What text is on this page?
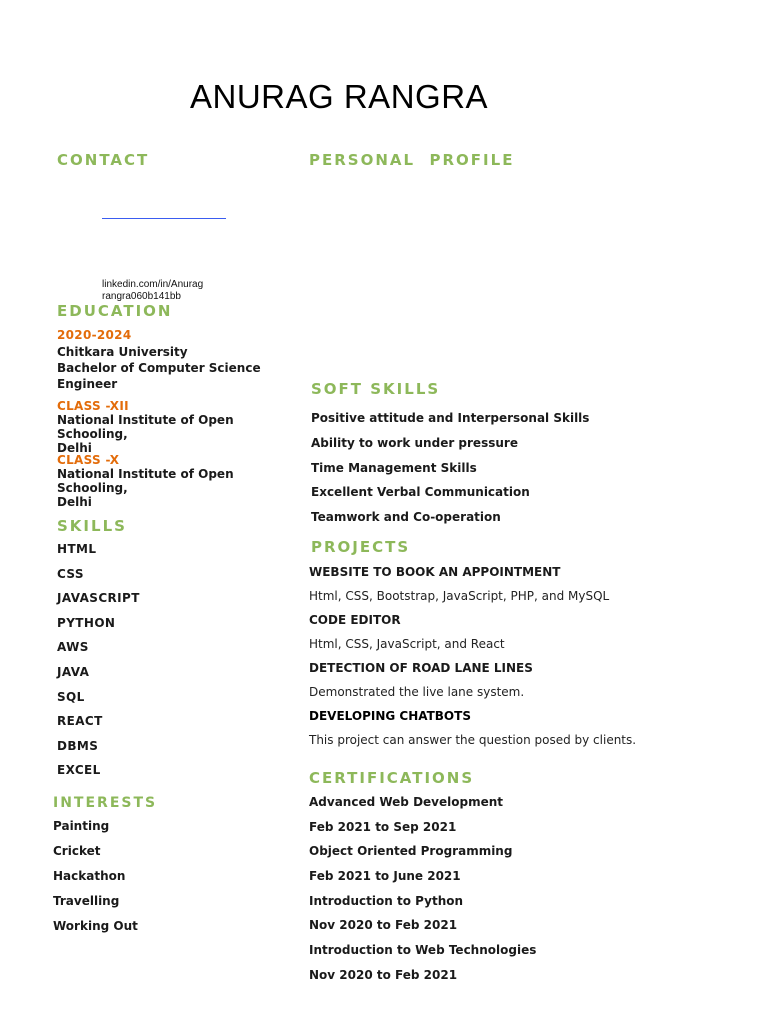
ANURAG RANGRA
CONTACT	PERSONAL  PROFILE
linkedin.com/in/Anurag
rangra060b141bb
EDUCATION
2020-2024
Chitkara University
Bachelor of Computer Science Engineer
CLASS -XII
National Institute of Open Schooling,
Delhi
CLASS -X
National Institute of Open Schooling,
Delhi
SKILLS
HTML
CSS
JAVASCRIPT
PYTHON
AWS
JAVA
SQL
REACT
DBMS
EXCEL
INTERESTS
Painting
Cricket
Hackathon
Travelling
Working Out
SOFT SKILLS
Positive attitude and Interpersonal Skills
Ability to work under pressure
Time Management Skills
Excellent Verbal Communication
Teamwork and Co-operation
PROJECTS
WEBSITE TO BOOK AN APPOINTMENT
Html, CSS, Bootstrap, JavaScript, PHP, and MySQL
CODE EDITOR
Html, CSS, JavaScript, and React
DETECTION OF ROAD LANE LINES
Demonstrated the live lane system.
DEVELOPING CHATBOTS
This project can answer the question posed by clients.
CERTIFICATIONS
Advanced Web Development
Feb 2021 to Sep 2021
Object Oriented Programming
Feb 2021 to June 2021
Introduction to Python
Nov 2020 to Feb 2021
Introduction to Web Technologies
Nov 2020 to Feb 2021
